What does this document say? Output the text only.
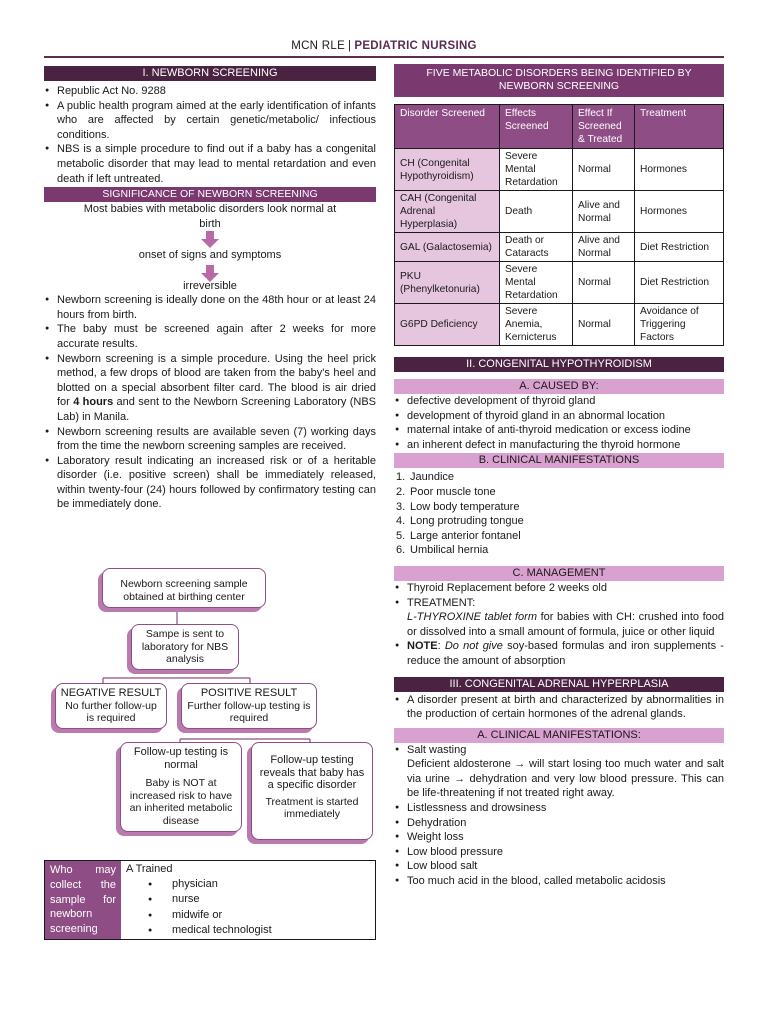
MCN RLE | PEDIATRIC NURSING
I. NEWBORN SCREENING
● Republic Act No. 9288
● A public health program aimed at the early identification of infants who are affected by certain genetic/metabolic/ infectious conditions.
● NBS is a simple procedure to find out if a baby has a congenital metabolic disorder that may lead to mental retardation and even death if left untreated.
SIGNIFICANCE OF NEWBORN SCREENING
Most babies with metabolic disorders look normal at birth
onset of signs and symptoms
irreversible
● Newborn screening is ideally done on the 48th hour or at least 24 hours from birth.
● The baby must be screened again after 2 weeks for more accurate results.
● Newborn screening is a simple procedure. Using the heel prick method, a few drops of blood are taken from the baby's heel and blotted on a special absorbent filter card. The blood is air dried for 4 hours and sent to the Newborn Screening Laboratory (NBS Lab) in Manila.
● Newborn screening results are available seven (7) working days from the time the newborn screening samples are received.
● Laboratory result indicating an increased risk or of a heritable disorder (i.e. positive screen) shall be immediately released, within twenty-four (24) hours followed by confirmatory testing can be immediately done.
Newborn screening sample obtained at birthing center
Sampe is sent to laboratory for NBS analysis
NEGATIVE RESULT
No further follow-up is required
POSITIVE RESULT
Further follow-up testing is required
Follow-up testing is normal
Baby is NOT at increased risk to have an inherited metabolic disease
Follow-up testing reveals that baby has a specific disorder
Treatment is started immediately
Who may collect the sample for newborn screening
A Trained
● physician
● nurse
● midwife or
● medical technologist
FIVE METABOLIC DISORDERS BEING IDENTIFIED BY NEWBORN SCREENING
Disorder Screened	Effects Screened	Effect If Screened & Treated	Treatment
CH (Congenital Hypothyroidism)	Severe Mental Retardation	Normal	Hormones
CAH (Congenital Adrenal Hyperplasia)	Death	Alive and Normal	Hormones
GAL (Galactosemia)	Death or Cataracts	Alive and Normal	Diet Restriction
PKU (Phenylketonuria)	Severe Mental Retardation	Normal	Diet Restriction
G6PD Deficiency	Severe Anemia, Kernicterus	Normal	Avoidance of Triggering Factors
II. CONGENITAL HYPOTHYROIDISM
A. CAUSED BY:
● defective development of thyroid gland
● development of thyroid gland in an abnormal location
● maternal intake of anti-thyroid medication or excess iodine
● an inherent defect in manufacturing the thyroid hormone
B. CLINICAL MANIFESTATIONS
1. Jaundice
2. Poor muscle tone
3. Low body temperature
4. Long protruding tongue
5. Large anterior fontanel
6. Umbilical hernia
C. MANAGEMENT
● Thyroid Replacement before 2 weeks old
● TREATMENT:
L-THYROXINE tablet form for babies with CH: crushed into food or dissolved into a small amount of formula, juice or other liquid
● NOTE: Do not give soy-based formulas and iron supplements - reduce the amount of absorption
III. CONGENITAL ADRENAL HYPERPLASIA
● A disorder present at birth and characterized by abnormalities in the production of certain hormones of the adrenal glands.
A. CLINICAL MANIFESTATIONS:
● Salt wasting
Deficient aldosterone → will start losing too much water and salt via urine → dehydration and very low blood pressure. This can be life-threatening if not treated right away.
● Listlessness and drowsiness
● Dehydration
● Weight loss
● Low blood pressure
● Low blood salt
● Too much acid in the blood, called metabolic acidosis
